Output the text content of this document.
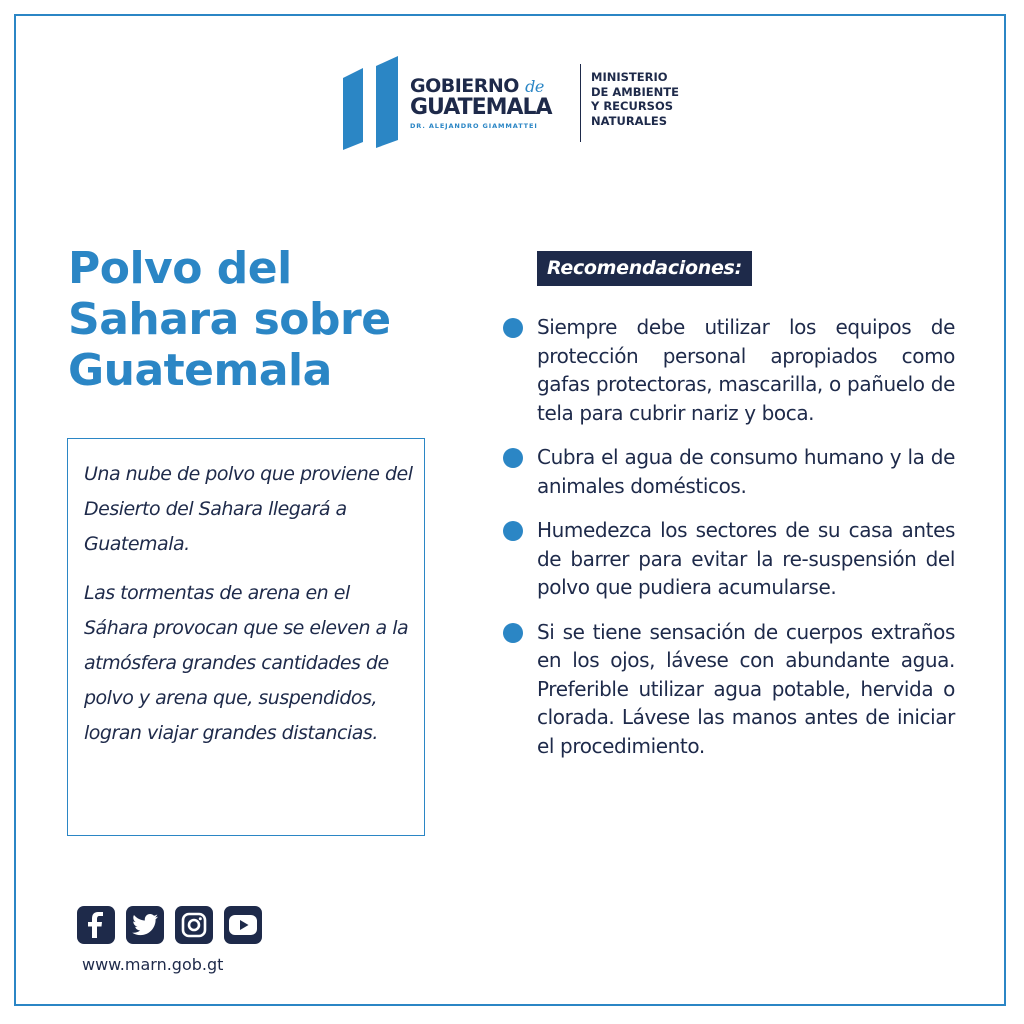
GOBIERNO de
GUATEMALA
DR. ALEJANDRO GIAMMATTEI
MINISTERIO
DE AMBIENTE
Y RECURSOS
NATURALES
Polvo del
Sahara sobre
Guatemala

Una nube de polvo que proviene del Desierto del Sahara llegará a Guatemala.

Las tormentas de arena en el Sáhara provocan que se eleven a la atmósfera grandes cantidades de polvo y arena que, suspendidos, logran viajar grandes distancias.

Recomendaciones:
Siempre debe utilizar los equipos de protección personal apropiados como gafas protectoras, mascarilla, o pañuelo de tela para cubrir nariz y boca.
Cubra el agua de consumo humano y la de animales domésticos.
Humedezca los sectores de su casa antes de barrer para evitar la re-suspensión del polvo que pudiera acumularse.
Si se tiene sensación de cuerpos extraños en los ojos, lávese con abundante agua. Preferible utilizar agua potable, hervida o clorada. Lávese las manos antes de iniciar el procedimiento.
www.marn.gob.gt
